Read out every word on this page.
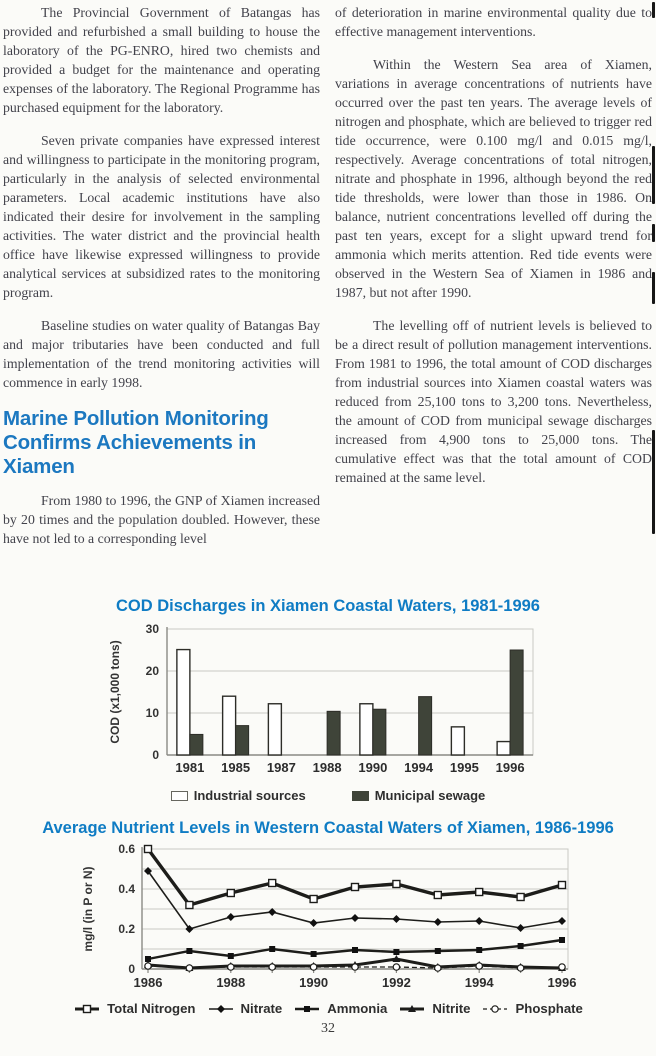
The Provincial Government of Batangas has provided and refurbished a small building to house the laboratory of the PG-ENRO, hired two chemists and provided a budget for the maintenance and operating expenses of the laboratory. The Regional Programme has purchased equipment for the laboratory.

Seven private companies have expressed interest and willingness to participate in the monitoring program, particularly in the analysis of selected environmental parameters. Local academic institutions have also indicated their desire for involvement in the sampling activities. The water district and the provincial health office have likewise expressed willingness to provide analytical services at subsidized rates to the monitoring program.

Baseline studies on water quality of Batangas Bay and major tributaries have been conducted and full implementation of the trend monitoring activities will commence in early 1998.

Marine Pollution Monitoring Confirms Achievements in Xiamen

From 1980 to 1996, the GNP of Xiamen increased by 20 times and the population doubled. However, these have not led to a corresponding level

of deterioration in marine environmental quality due to effective management interventions.

Within the Western Sea area of Xiamen, variations in average concentrations of nutrients have occurred over the past ten years. The average levels of nitrogen and phosphate, which are believed to trigger red tide occurrence, were 0.100 mg/l and 0.015 mg/l, respectively. Average concentrations of total nitrogen, nitrate and phosphate in 1996, although beyond the red tide thresholds, were lower than those in 1986. On balance, nutrient concentrations levelled off during the past ten years, except for a slight upward trend for ammonia which merits attention. Red tide events were observed in the Western Sea of Xiamen in 1986 and 1987, but not after 1990.

The levelling off of nutrient levels is believed to be a direct result of pollution management interventions. From 1981 to 1996, the total amount of COD discharges from industrial sources into Xiamen coastal waters was reduced from 25,100 tons to 3,200 tons. Nevertheless, the amount of COD from municipal sewage discharges increased from 4,900 tons to 25,000 tons. The cumulative effect was that the total amount of COD remained at the same level.

COD Discharges in Xiamen Coastal Waters, 1981-1996
0
10
20
30
COD (x1,000 tons)
1981 1985 1987 1988 1990 1994 1995 1996
Industrial sources	Municipal sewage
Average Nutrient Levels in Western Coastal Waters of Xiamen, 1986-1996
0
0.2
0.4
0.6
mg/l (in P or N)
1986	1988	1990	1992	1994	1996
Total Nitrogen	Nitrate	Ammonia	Nitrite	Phosphate
32
